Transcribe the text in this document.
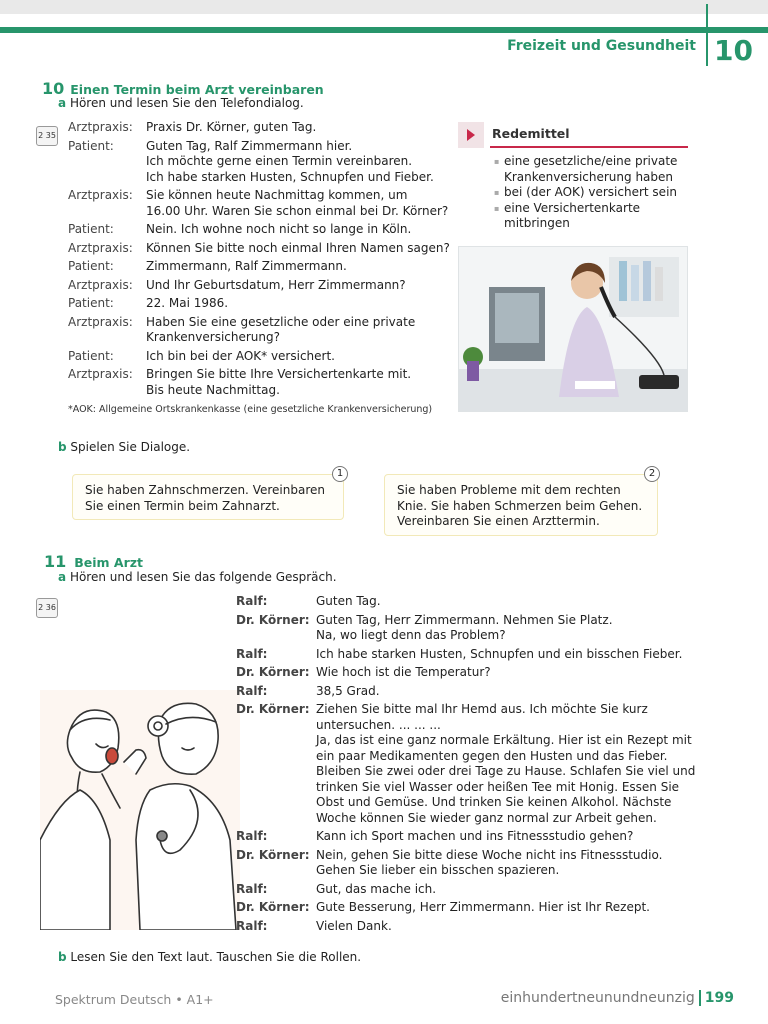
Freizeit und Gesundheit 10
10 Einen Termin beim Arzt vereinbaren
a Hören und lesen Sie den Telefondialog.
2 35
Arztpraxis:	Praxis Dr. Körner, guten Tag.
Patient:	Guten Tag, Ralf Zimmermann hier.
Ich möchte gerne einen Termin vereinbaren.
Ich habe starken Husten, Schnupfen und Fieber.
Arztpraxis:	Sie können heute Nachmittag kommen, um
16.00 Uhr. Waren Sie schon einmal bei Dr. Körner?
Patient:	Nein. Ich wohne noch nicht so lange in Köln.
Arztpraxis:	Können Sie bitte noch einmal Ihren Namen sagen?
Patient:	Zimmermann, Ralf Zimmermann.
Arztpraxis:	Und Ihr Geburtsdatum, Herr Zimmermann?
Patient:	22. Mai 1986.
Arztpraxis:	Haben Sie eine gesetzliche oder eine private
Krankenversicherung?
Patient:	Ich bin bei der AOK* versichert.
Arztpraxis:	Bringen Sie bitte Ihre Versichertenkarte mit.
Bis heute Nachmittag.
*AOK: Allgemeine Ortskrankenkasse (eine gesetzliche Krankenversicherung)
Redemittel
▪ eine gesetzliche/eine private Krankenversicherung haben
▪ bei (der AOK) versichert sein
▪ eine Versichertenkarte mitbringen
b Spielen Sie Dialoge.
Sie haben Zahnschmerzen. Vereinbaren Sie einen Termin beim Zahnarzt.
1
Sie haben Probleme mit dem rechten Knie. Sie haben Schmerzen beim Gehen. Vereinbaren Sie einen Arzttermin.
2
11 Beim Arzt
a Hören und lesen Sie das folgende Gespräch.
2 36	Ralf:	Guten Tag.
Dr. Körner: Guten Tag, Herr Zimmermann. Nehmen Sie Platz.
Na, wo liegt denn das Problem?
Ralf:	Ich habe starken Husten, Schnupfen und ein bisschen Fieber.
Dr. Körner: Wie hoch ist die Temperatur?
Ralf:	38,5 Grad.
Dr. Körner: Ziehen Sie bitte mal Ihr Hemd aus. Ich möchte Sie kurz untersuchen. ... ... ...
Ja, das ist eine ganz normale Erkältung. Hier ist ein Rezept mit ein paar Medikamenten gegen den Husten und das Fieber. Bleiben Sie zwei oder drei Tage zu Hause. Schlafen Sie viel und trinken Sie viel Wasser oder heißen Tee mit Honig. Essen Sie Obst und Gemüse. Und trinken Sie keinen Alkohol. Nächste Woche können Sie wieder ganz normal zur Arbeit gehen.
Ralf:	Kann ich Sport machen und ins Fitnessstudio gehen?
Dr. Körner: Nein, gehen Sie bitte diese Woche nicht ins Fitnessstudio.
Gehen Sie lieber ein bisschen spazieren.
Ralf:	Gut, das mache ich.
Dr. Körner: Gute Besserung, Herr Zimmermann. Hier ist Ihr Rezept.
Ralf:	Vielen Dank.
b Lesen Sie den Text laut. Tauschen Sie die Rollen.
Spektrum Deutsch • A1+	einhundertneunundneunzig 199
